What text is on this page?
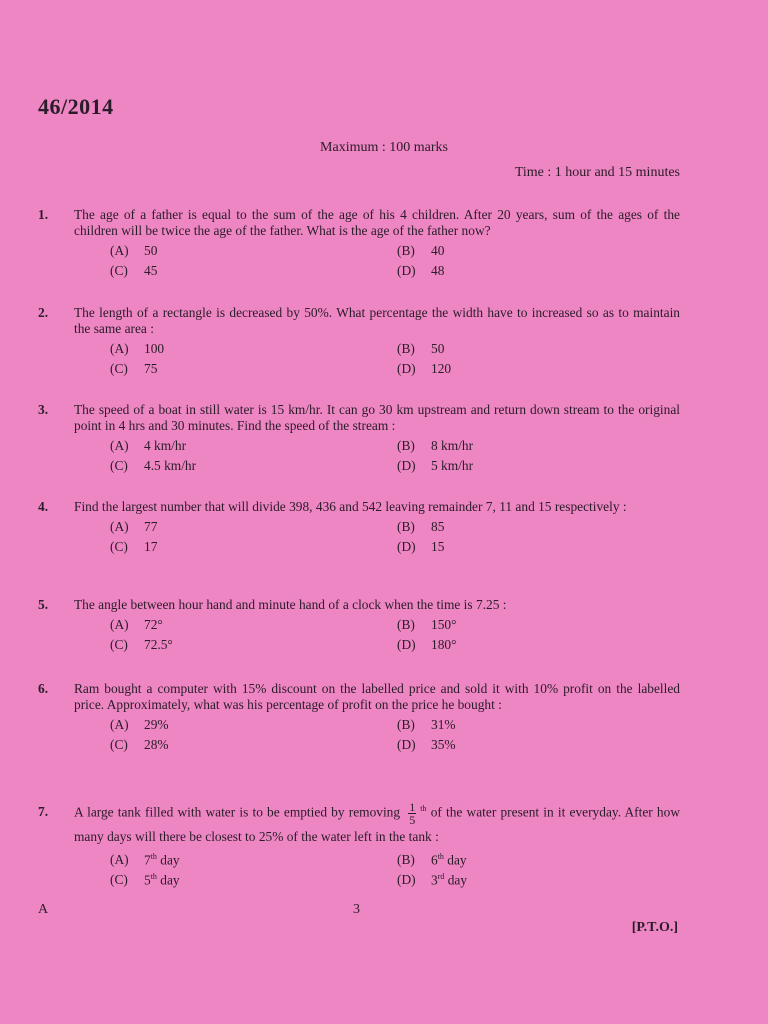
46/2014
Maximum : 100 marks
Time : 1 hour and 15 minutes
1. The age of a father is equal to the sum of the age of his 4 children. After 20 years, sum of the ages of the children will be twice the age of the father. What is the age of the father now?
(A) 50	(B) 40
(C) 45	(D) 48
2. The length of a rectangle is decreased by 50%. What percentage the width have to increased so as to maintain the same area :
(A) 100	(B) 50
(C) 75	(D) 120
3. The speed of a boat in still water is 15 km/hr. It can go 30 km upstream and return down stream to the original point in 4 hrs and 30 minutes. Find the speed of the stream :
(A) 4 km/hr	(B) 8 km/hr
(C) 4.5 km/hr	(D) 5 km/hr
4. Find the largest number that will divide 398, 436 and 542 leaving remainder 7, 11 and 15 respectively :
(A) 77	(B) 85
(C) 17	(D) 15
5. The angle between hour hand and minute hand of a clock when the time is 7.25 :
(A) 72°	(B) 150°
(C) 72.5°	(D) 180°
6. Ram bought a computer with 15% discount on the labelled price and sold it with 10% profit on the labelled price. Approximately, what was his percentage of profit on the price he bought :
(A) 29%	(B) 31%
(C) 28%	(D) 35%
7. A large tank filled with water is to be emptied by removing $\frac{1}{5} ^{th}$ of the water present in it everyday. After how many days will there be closest to 25% of the water left in the tank :
(A) 7th day	(B) 6th day
(C) 5th day	(D) 3rd day
A	3
[P.T.O.]
